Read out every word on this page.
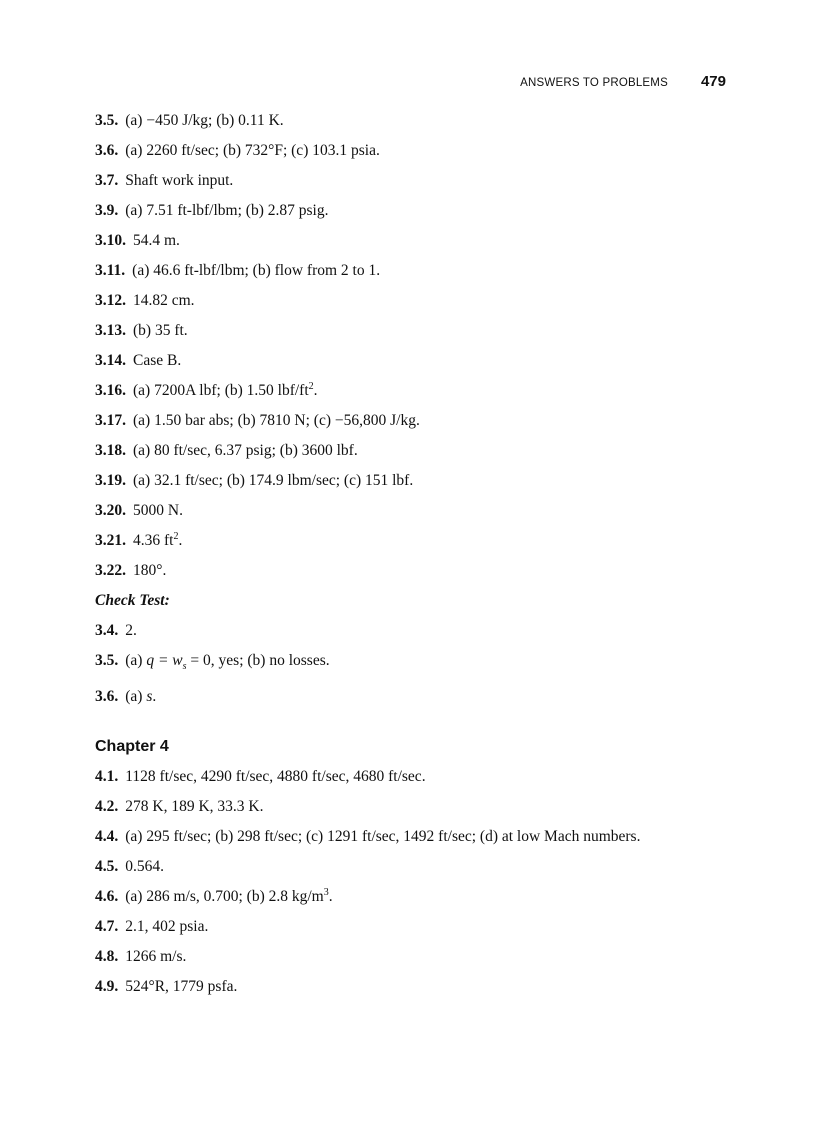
ANSWERS TO PROBLEMS 479
3.5. (a) −450 J/kg; (b) 0.11 K.
3.6. (a) 2260 ft/sec; (b) 732°F; (c) 103.1 psia.
3.7. Shaft work input.
3.9. (a) 7.51 ft-lbf/lbm; (b) 2.87 psig.
3.10. 54.4 m.
3.11. (a) 46.6 ft-lbf/lbm; (b) flow from 2 to 1.
3.12. 14.82 cm.
3.13. (b) 35 ft.
3.14. Case B.
3.16. (a) 7200A lbf; (b) 1.50 lbf/$ft^2$.
3.17. (a) 1.50 bar abs; (b) 7810 N; (c) −56,800 J/kg.
3.18. (a) 80 ft/sec, 6.37 psig; (b) 3600 lbf.
3.19. (a) 32.1 ft/sec; (b) 174.9 lbm/sec; (c) 151 lbf.
3.20. 5000 N.
3.21. 4.36 $ft^2$.
3.22. 180°.
Check Test:
3.4. 2.
3.5. (a) $q = w_s = 0$, yes; (b) no losses.
3.6. (a) s.
Chapter 4
4.1. 1128 ft/sec, 4290 ft/sec, 4880 ft/sec, 4680 ft/sec.
4.2. 278 K, 189 K, 33.3 K.
4.4. (a) 295 ft/sec; (b) 298 ft/sec; (c) 1291 ft/sec, 1492 ft/sec; (d) at low Mach numbers.
4.5. 0.564.
4.6. (a) 286 m/s, 0.700; (b) 2.8 $kg/m^3$.
4.7. 2.1, 402 psia.
4.8. 1266 m/s.
4.9. 524°R, 1779 psfa.
